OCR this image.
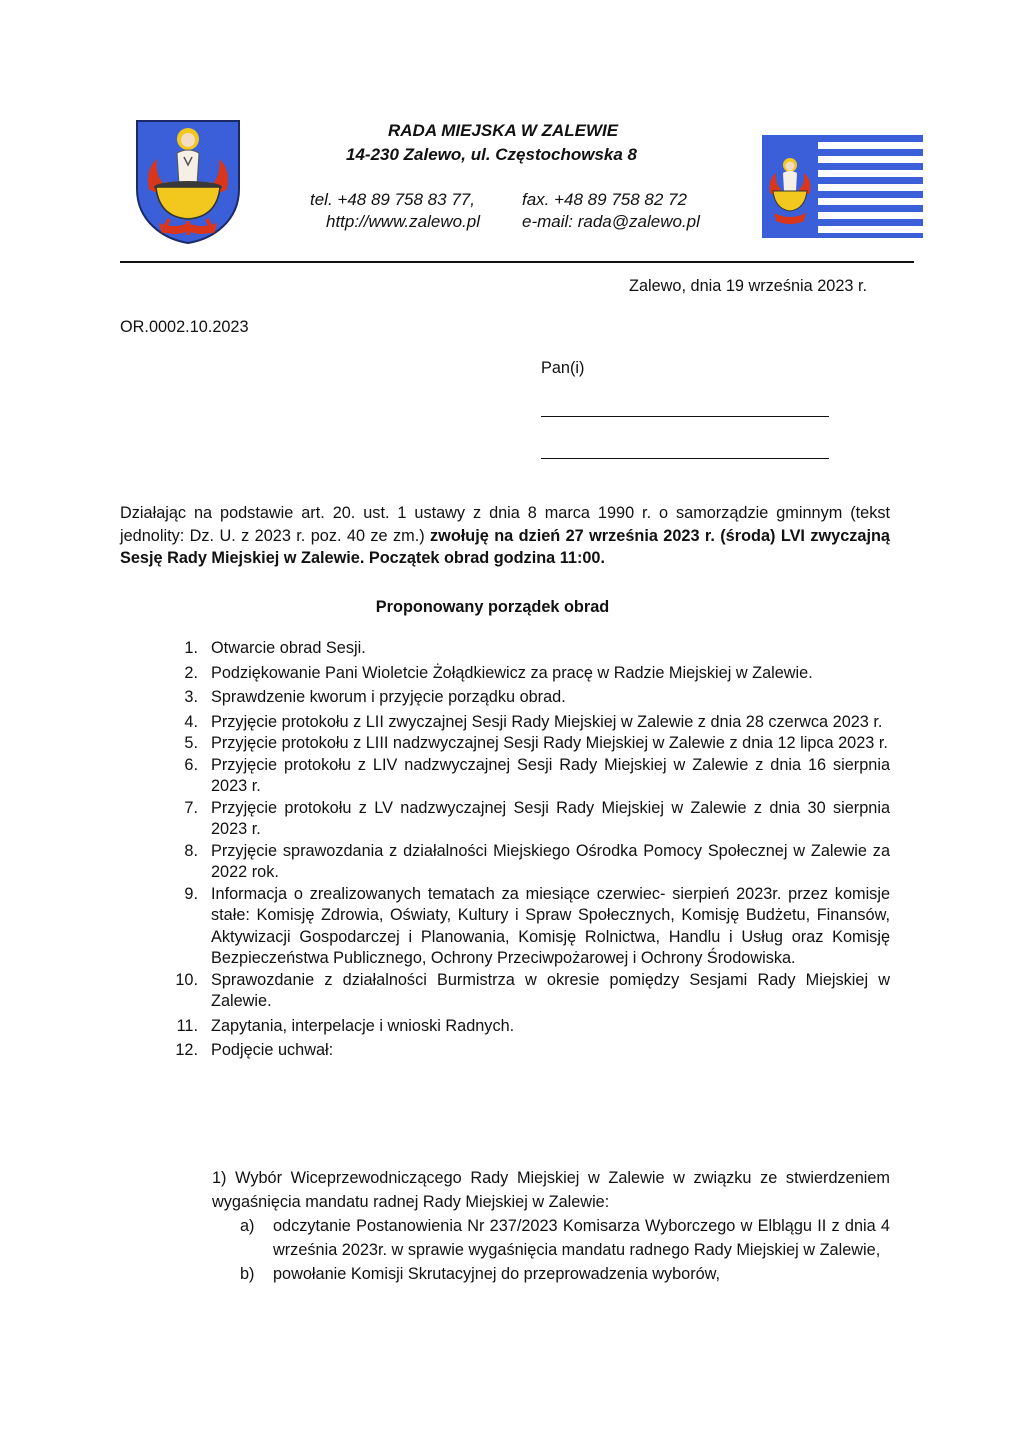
RADA MIEJSKA W ZALEWIE
14-230 Zalewo, ul. Częstochowska 8
tel. +48 89 758 83 77,	fax. +48 89 758 82 72
http://www.zalewo.pl e-mail: rada@zalewo.pl
Zalewo, dnia 19 września 2023 r.
OR.0002.10.2023
Pan(i)
Działając na podstawie art. 20. ust. 1 ustawy z dnia 8 marca 1990 r. o samorządzie gminnym (tekst jednolity: Dz. U. z 2023 r. poz. 40 ze zm.) zwołuję na dzień 27 września 2023 r. (środa) LVI zwyczajną Sesję Rady Miejskiej w Zalewie. Początek obrad godzina 11:00.
Proponowany porządek obrad
1. Otwarcie obrad Sesji.
2. Podziękowanie Pani Wioletcie Żołądkiewicz za pracę w Radzie Miejskiej w Zalewie.
3. Sprawdzenie kworum i przyjęcie porządku obrad.
4. Przyjęcie protokołu z LII zwyczajnej Sesji Rady Miejskiej w Zalewie z dnia 28 czerwca 2023 r.
5. Przyjęcie protokołu z LIII nadzwyczajnej Sesji Rady Miejskiej w Zalewie z dnia 12 lipca 2023 r.
6. Przyjęcie protokołu z LIV nadzwyczajnej Sesji Rady Miejskiej w Zalewie z dnia 16 sierpnia 2023 r.
7. Przyjęcie protokołu z LV nadzwyczajnej Sesji Rady Miejskiej w Zalewie z dnia 30 sierpnia 2023 r.
8. Przyjęcie sprawozdania z działalności Miejskiego Ośrodka Pomocy Społecznej w Zalewie za 2022 rok.
9. Informacja o zrealizowanych tematach za miesiące czerwiec- sierpień 2023r. przez komisje stałe: Komisję Zdrowia, Oświaty, Kultury i Spraw Społecznych, Komisję Budżetu, Finansów, Aktywizacji Gospodarczej i Planowania, Komisję Rolnictwa, Handlu i Usług oraz Komisję Bezpieczeństwa Publicznego, Ochrony Przeciwpożarowej i Ochrony Środowiska.
10. Sprawozdanie z działalności Burmistrza w okresie pomiędzy Sesjami Rady Miejskiej w Zalewie.
11. Zapytania, interpelacje i wnioski Radnych.
12. Podjęcie uchwał:
1) Wybór Wiceprzewodniczącego Rady Miejskiej w Zalewie w związku ze stwierdzeniem wygaśnięcia mandatu radnej Rady Miejskiej w Zalewie:
a) odczytanie Postanowienia Nr 237/2023 Komisarza Wyborczego w Elblągu II z dnia 4 września 2023r. w sprawie wygaśnięcia mandatu radnego Rady Miejskiej w Zalewie,
b) powołanie Komisji Skrutacyjnej do przeprowadzenia wyborów,
